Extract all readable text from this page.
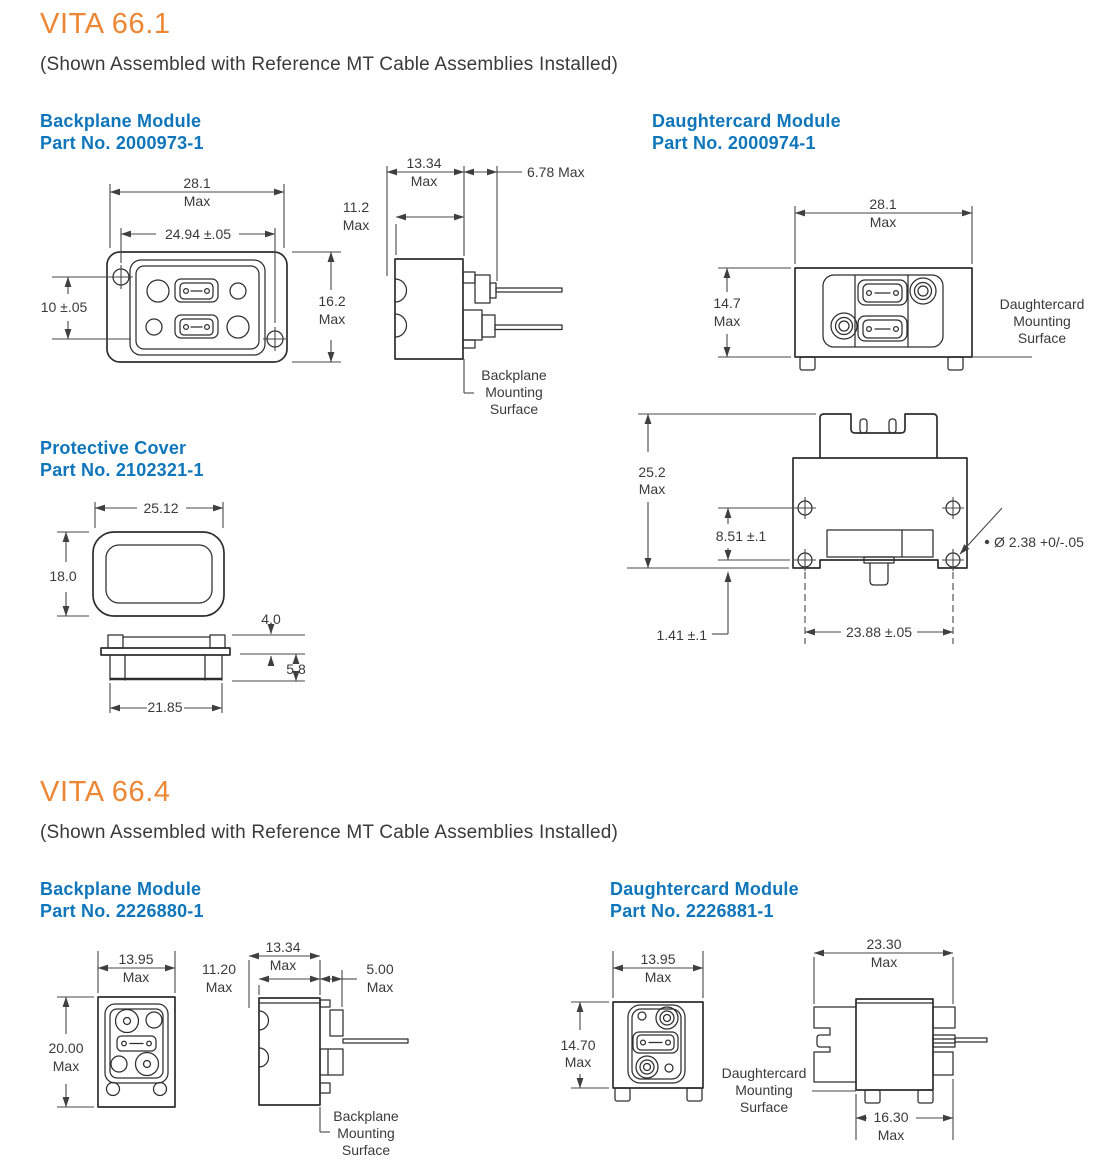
VITA 66.1
(Shown Assembled with Reference MT Cable Assemblies Installed)
Backplane Module
Part No. 2000973-1
Daughtercard Module
Part No. 2000974-1
Protective Cover
Part No. 2102321-1
VITA 66.4
(Shown Assembled with Reference MT Cable Assemblies Installed)
Backplane Module
Part No. 2226880-1
Daughtercard Module
Part No. 2226881-1
28.1
Max
24.94 ±.05
10 ±.05	16.2
Max
Backplane
Mounting
Surface
13.34
Max
6.78 Max
11.2
Max
28.1
Max
14.7
Max
Daughtercard
Mounting
Surface
25.2
Max
8.51 ±.1
1.41 ±.1	23.88 ±.05
Ø 2.38 +0/-.05
25.12
18.0
4.0
5.8
21.85
13.95
Max
20.00
Max
Backplane
Mounting
Surface
13.34
Max
11.20
Max
5.00
Max
13.95
Max
14.70
Max
Daughtercard
Mounting
Surface
23.30
Max
16.30
Max
